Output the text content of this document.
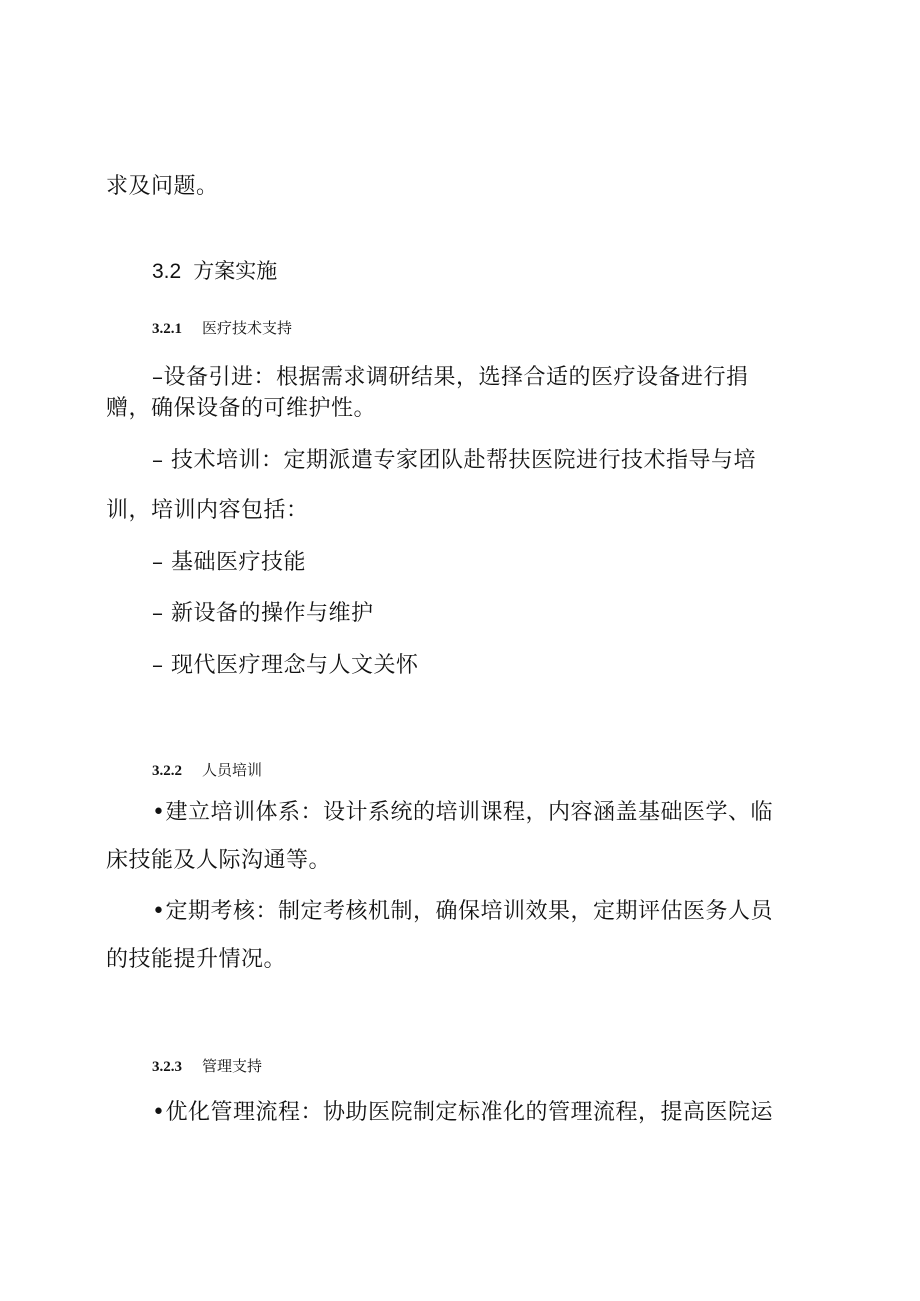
求及问题。
3.2 方案实施
3.2.1 医疗技术支持
–设备引进：根据需求调研结果，选择合适的医疗设备进行捐
赠，确保设备的可维护性。
– 技术培训：定期派遣专家团队赴帮扶医院进行技术指导与培
训，培训内容包括：
– 基础医疗技能
– 新设备的操作与维护
– 现代医疗理念与人文关怀
3.2.2 人员培训
•建立培训体系：设计系统的培训课程，内容涵盖基础医学、临
床技能及人际沟通等。
•定期考核：制定考核机制，确保培训效果，定期评估医务人员
的技能提升情况。
3.2.3 管理支持
•优化管理流程：协助医院制定标准化的管理流程，提高医院运
